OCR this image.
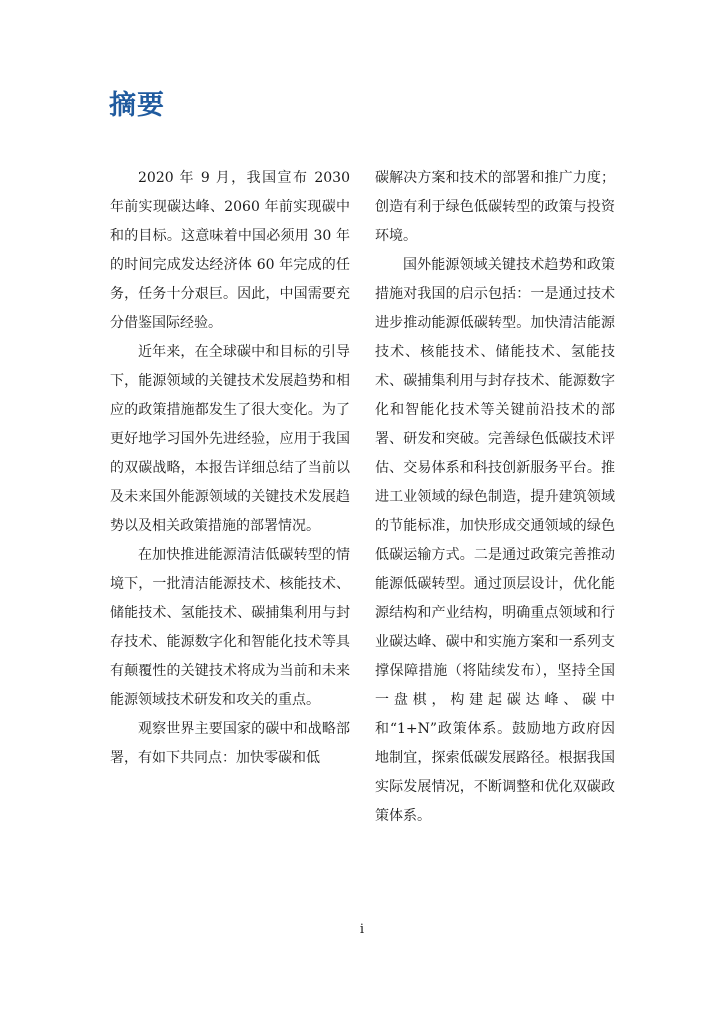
摘要

2020 年 9 月，我国宣布 2030 年前实现碳达峰、2060 年前实现碳中和的目标。这意味着中国必须用 30 年的时间完成发达经济体 60 年完成的任务，任务十分艰巨。因此，中国需要充分借鉴国际经验。

近年来，在全球碳中和目标的引导下，能源领域的关键技术发展趋势和相应的政策措施都发生了很大变化。为了更好地学习国外先进经验，应用于我国的双碳战略，本报告详细总结了当前以及未来国外能源领域的关键技术发展趋势以及相关政策措施的部署情况。

在加快推进能源清洁低碳转型的情境下，一批清洁能源技术、核能技术、储能技术、氢能技术、碳捕集利用与封存技术、能源数字化和智能化技术等具有颠覆性的关键技术将成为当前和未来能源领域技术研发和攻关的重点。

观察世界主要国家的碳中和战略部署，有如下共同点：加快零碳和低

碳解决方案和技术的部署和推广力度；创造有利于绿色低碳转型的政策与投资环境。

国外能源领域关键技术趋势和政策措施对我国的启示包括：一是通过技术进步推动能源低碳转型。加快清洁能源技术、核能技术、储能技术、氢能技术、碳捕集利用与封存技术、能源数字化和智能化技术等关键前沿技术的部署、研发和突破。完善绿色低碳技术评估、交易体系和科技创新服务平台。推进工业领域的绿色制造，提升建筑领域的节能标准，加快形成交通领域的绿色低碳运输方式。二是通过政策完善推动能源低碳转型。通过顶层设计，优化能源结构和产业结构，明确重点领域和行业碳达峰、碳中和实施方案和一系列支撑保障措施（将陆续发布），坚持全国一盘棋，构建起碳达峰、碳中和“1+N”政策体系。鼓励地方政府因地制宜，探索低碳发展路径。根据我国实际发展情况，不断调整和优化双碳政策体系。

i
